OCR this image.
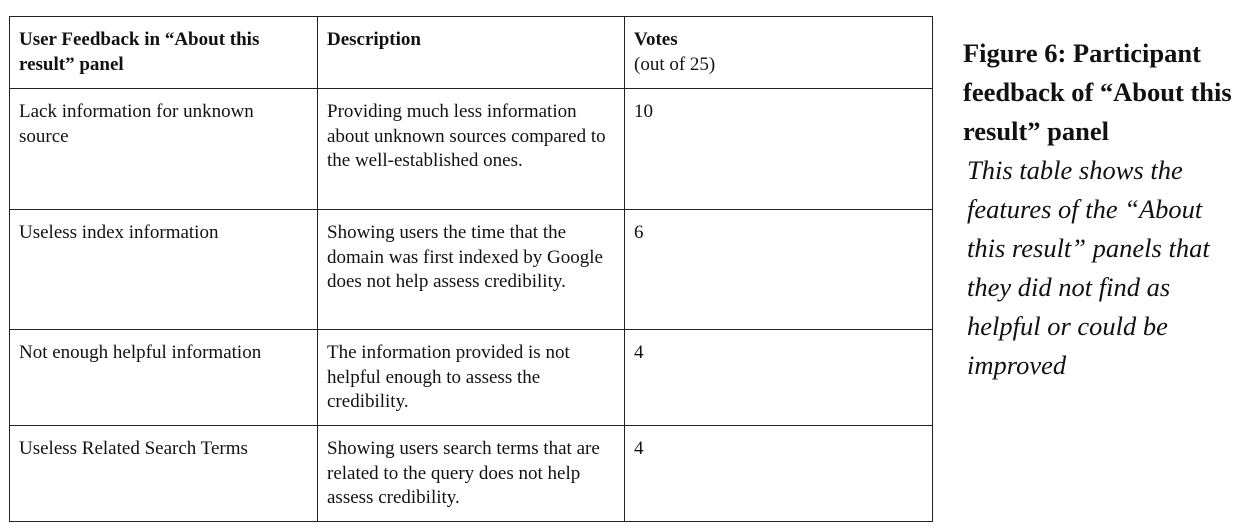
User Feedback in “About this result” panel	Description	Votes
(out of 25)

Lack information for unknown source	Providing much less information about unknown sources compared to the well-established ones.	10
Useless index information	Showing users the time that the domain was first indexed by Google does not help assess credibility.	6
Not enough helpful information	The information provided is not helpful enough to assess the credibility.	4
Useless Related Search Terms	Showing users search terms that are related to the query does not help assess credibility.	4
Figure 6: Participant feedback of “About this result” panel
This table shows the features of the “About this result” panels that they did not find as helpful or could be improved
